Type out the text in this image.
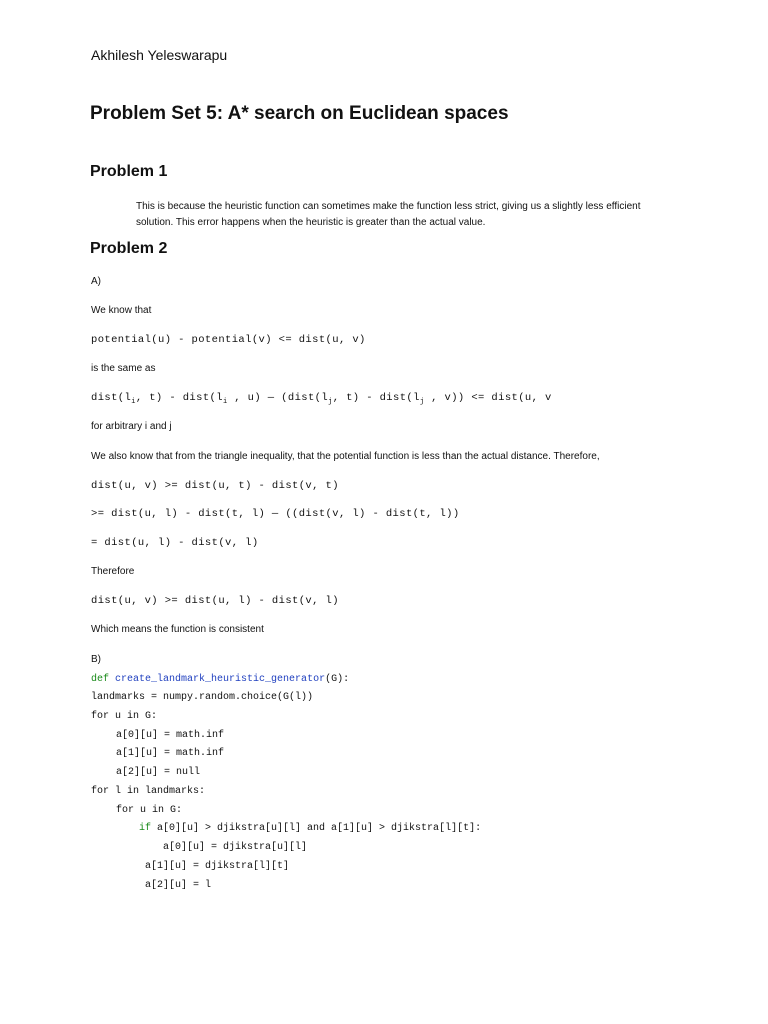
Akhilesh Yeleswarapu
Problem Set 5: A* search on Euclidean spaces
Problem 1
This is because the heuristic function can sometimes make the function less strict, giving us a slightly less efficient solution. This error happens when the heuristic is greater than the actual value.
Problem 2
A)
We know that
potential(u) - potential(v) <= dist(u, v)
is the same as
$dist(l_i$, $t) - dist(l_i$ , u) — ($dist(l_j$, $t) - dist(l_j$ , v)) <= dist(u, v
for arbitrary i and j
We also know that from the triangle inequality, that the potential function is less than the actual distance. Therefore,
dist(u, v) >= dist(u, t) - dist(v, t)
>= dist(u, l) - dist(t, l) — ((dist(v, l) - dist(t, l))
= dist(u, l) - dist(v, l)
Therefore
dist(u, v) >= dist(u, l) - dist(v, l)
Which means the function is consistent
B)
def create_landmark_heuristic_generator(G):
landmarks = numpy.random.choice(G(l))
for u in G:
a[0][u] = math.inf
a[1][u] = math.inf
a[2][u] = null
for l in landmarks:
for u in G:
if a[0][u] > djikstra[u][l] and a[1][u] > djikstra[l][t]:
a[0][u] = djikstra[u][l]
a[1][u] = djikstra[l][t]
a[2][u] = l
